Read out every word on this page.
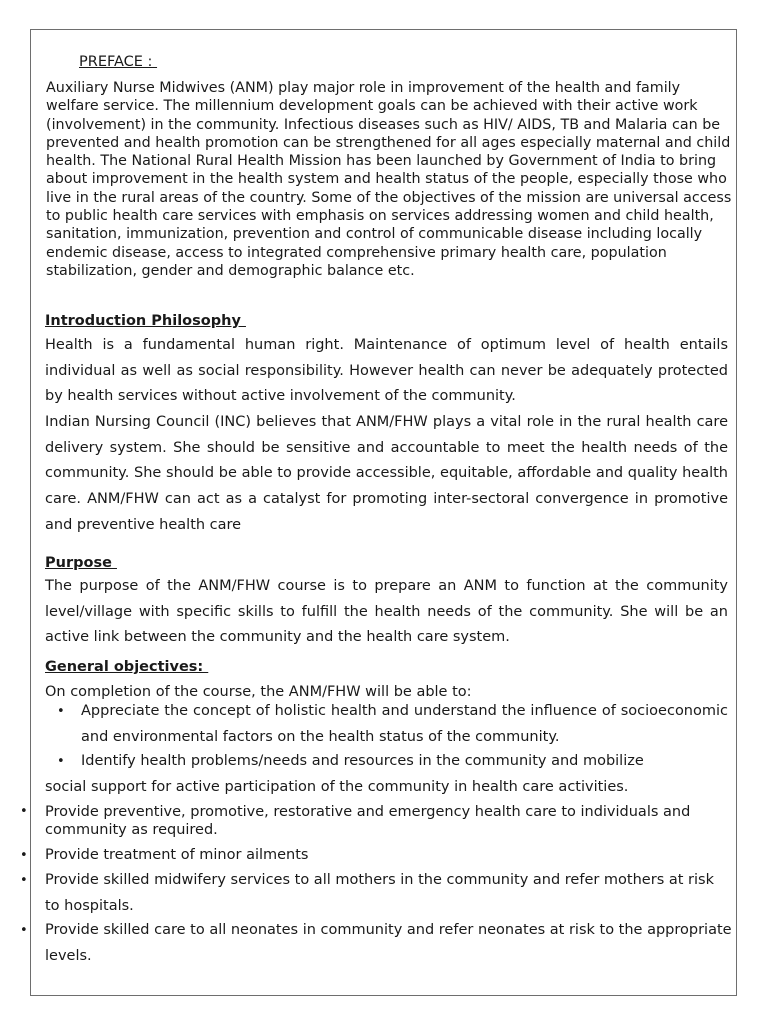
PREFACE :

Auxiliary Nurse Midwives (ANM) play major role in improvement of the health and family welfare service. The millennium development goals can be achieved with their active work (involvement) in the community. Infectious diseases such as HIV/ AIDS, TB and Malaria can be prevented and health promotion can be strengthened for all ages especially maternal and child health. The National Rural Health Mission has been launched by Government of India to bring about improvement in the health system and health status of the people, especially those who live in the rural areas of the country. Some of the objectives of the mission are universal access to public health care services with emphasis on services addressing women and child health, sanitation, immunization, prevention and control of communicable disease including locally endemic disease, access to integrated comprehensive primary health care, population stabilization, gender and demographic balance etc.

Introduction Philosophy

Health is a fundamental human right. Maintenance of optimum level of health entails individual as well as social responsibility. However health can never be adequately protected by health services without active involvement of the community.

Indian Nursing Council (INC) believes that ANM/FHW plays a vital role in the rural health care delivery system. She should be sensitive and accountable to meet the health needs of the community. She should be able to provide accessible, equitable, affordable and quality health care. ANM/FHW can act as a catalyst for promoting inter-sectoral convergence in promotive and preventive health care

Purpose

The purpose of the ANM/FHW course is to prepare an ANM to function at the community level/village with specific skills to fulfill the health needs of the community. She will be an active link between the community and the health care system.

General objectives:

On completion of the course, the ANM/FHW will be able to:

• Appreciate the concept of holistic health and understand the influence of socioeconomic and environmental factors on the health status of the community.
• Identify health problems/needs and resources in the community and mobilize

social support for active participation of the community in health care activities.

• Provide preventive, promotive, restorative and emergency health care to individuals and community as required.
• Provide treatment of minor ailments
• Provide skilled midwifery services to all mothers in the community and refer mothers at risk to hospitals.
• Provide skilled care to all neonates in community and refer neonates at risk to the appropriate levels.
